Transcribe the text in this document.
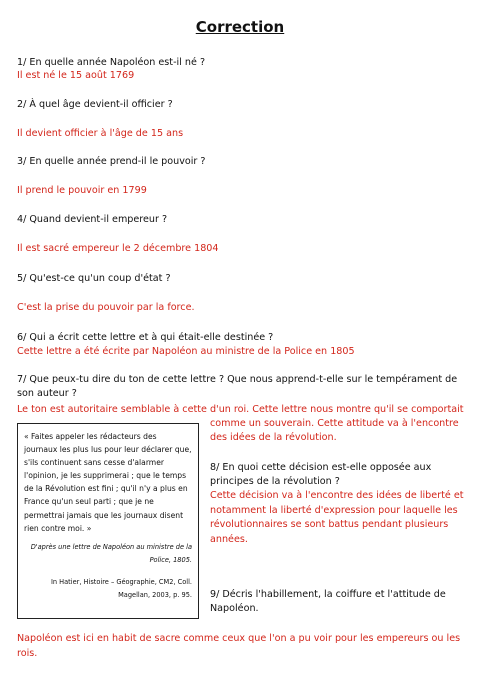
Correction
1/ En quelle année Napoléon est-il né ?
Il est né le 15 août 1769
2/ À quel âge devient-il officier ?
Il devient officier à l'âge de 15 ans
3/ En quelle année prend-il le pouvoir ?
Il prend le pouvoir en 1799
4/ Quand devient-il empereur ?
Il est sacré empereur le 2 décembre 1804
5/ Qu'est-ce qu'un coup d'état ?
C'est la prise du pouvoir par la force.
6/ Qui a écrit cette lettre et à qui était-elle destinée ?
Cette lettre a été écrite par Napoléon au ministre de la Police en 1805
7/ Que peux-tu dire du ton de cette lettre ? Que nous apprend-t-elle sur le tempérament de
son auteur ?
Le ton est autoritaire semblable à cette d'un roi. Cette lettre nous montre qu'il se comportait
comme un souverain. Cette attitude va à l'encontre
des idées de la révolution.
« Faites appeler les rédacteurs des
journaux les plus lus pour leur déclarer que,
s'ils continuent sans cesse d'alarmer
l'opinion, je les supprimerai ; que le temps
de la Révolution est fini ; qu'il n'y a plus en
France qu'un seul parti ; que je ne
permettrai jamais que les journaux disent
rien contre moi. »
D'après une lettre de Napoléon au ministre de la
Police, 1805.
In Hatier, Histoire – Géographie, CM2, Coll.
Magellan, 2003, p. 95.
8/ En quoi cette décision est-elle opposée aux
principes de la révolution ?
Cette décision va à l'encontre des idées de liberté et
notamment la liberté d'expression pour laquelle les
révolutionnaires se sont battus pendant plusieurs
années.
9/ Décris l'habillement, la coiffure et l'attitude de
Napoléon.
Napoléon est ici en habit de sacre comme ceux que l'on a pu voir pour les empereurs ou les
rois.
